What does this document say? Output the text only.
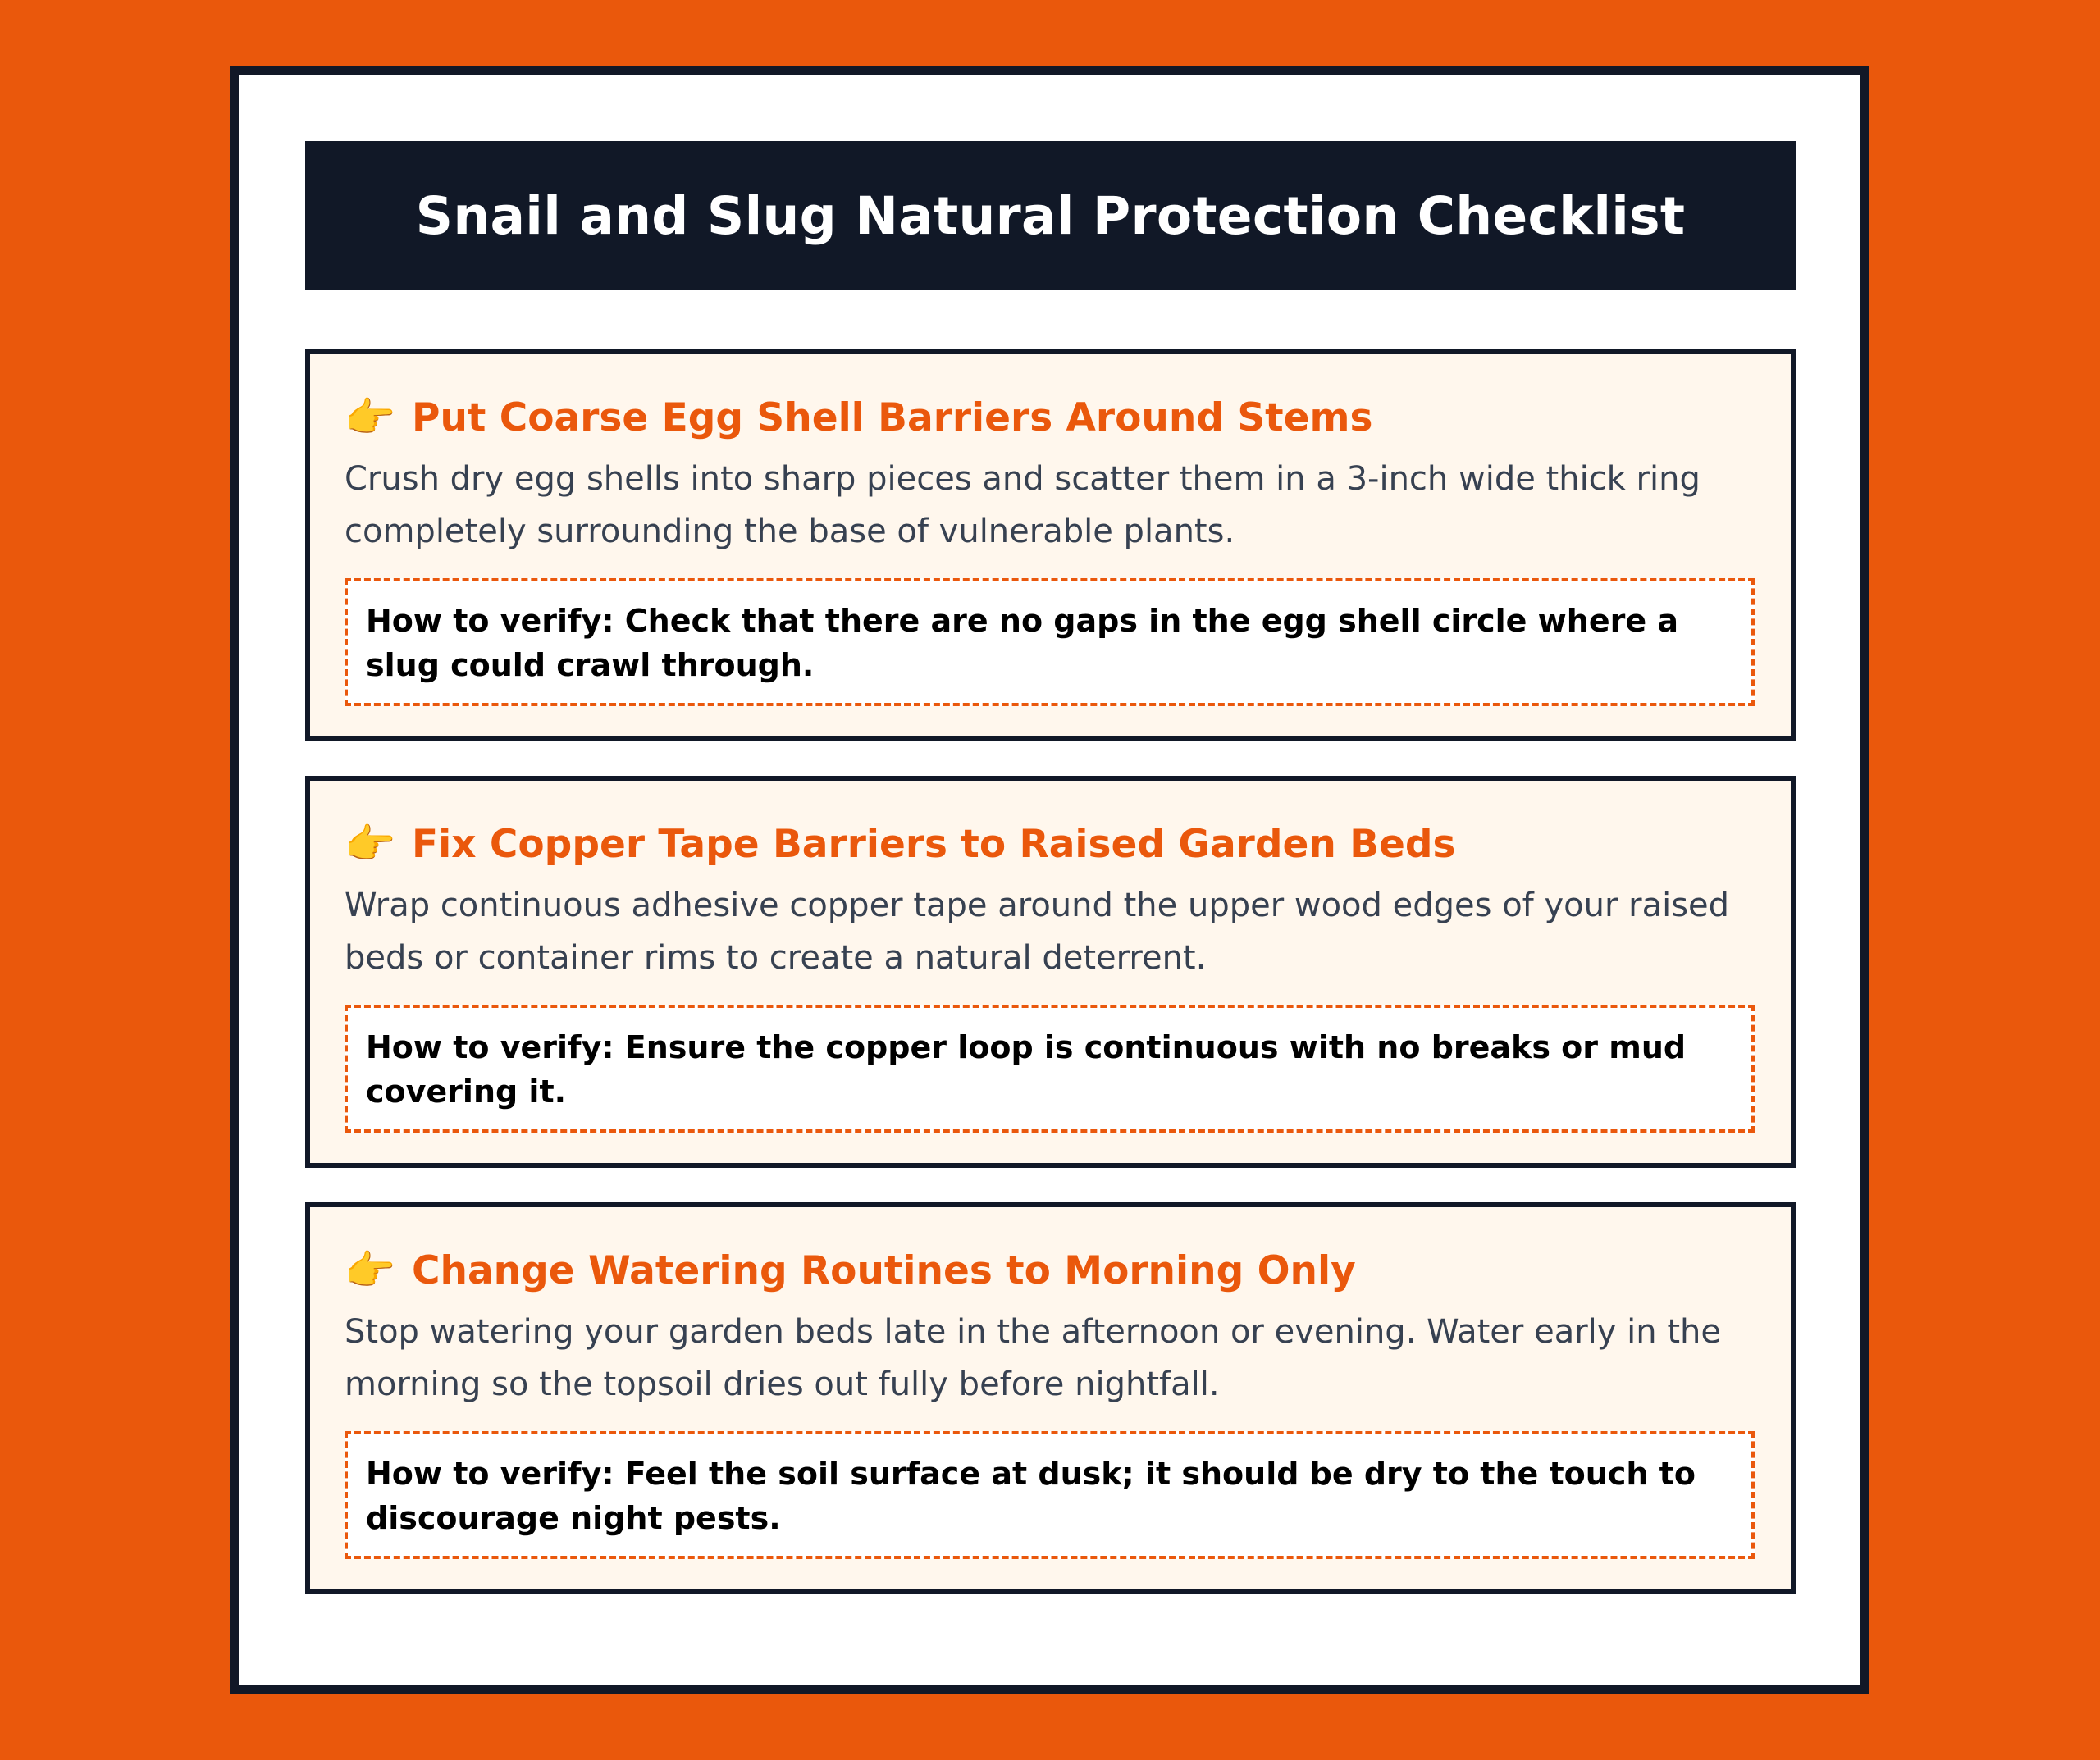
Snail and Slug Natural Protection Checklist
👉 Put Coarse Egg Shell Barriers Around Stems

Crush dry egg shells into sharp pieces and scatter them in a 3-inch wide thick ring completely surrounding the base of vulnerable plants.

How to verify: Check that there are no gaps in the egg shell circle where a slug could crawl through.
👉 Fix Copper Tape Barriers to Raised Garden Beds

Wrap continuous adhesive copper tape around the upper wood edges of your raised beds or container rims to create a natural deterrent.

How to verify: Ensure the copper loop is continuous with no breaks or mud covering it.
👉 Change Watering Routines to Morning Only

Stop watering your garden beds late in the afternoon or evening. Water early in the morning so the topsoil dries out fully before nightfall.

How to verify: Feel the soil surface at dusk; it should be dry to the touch to discourage night pests.
